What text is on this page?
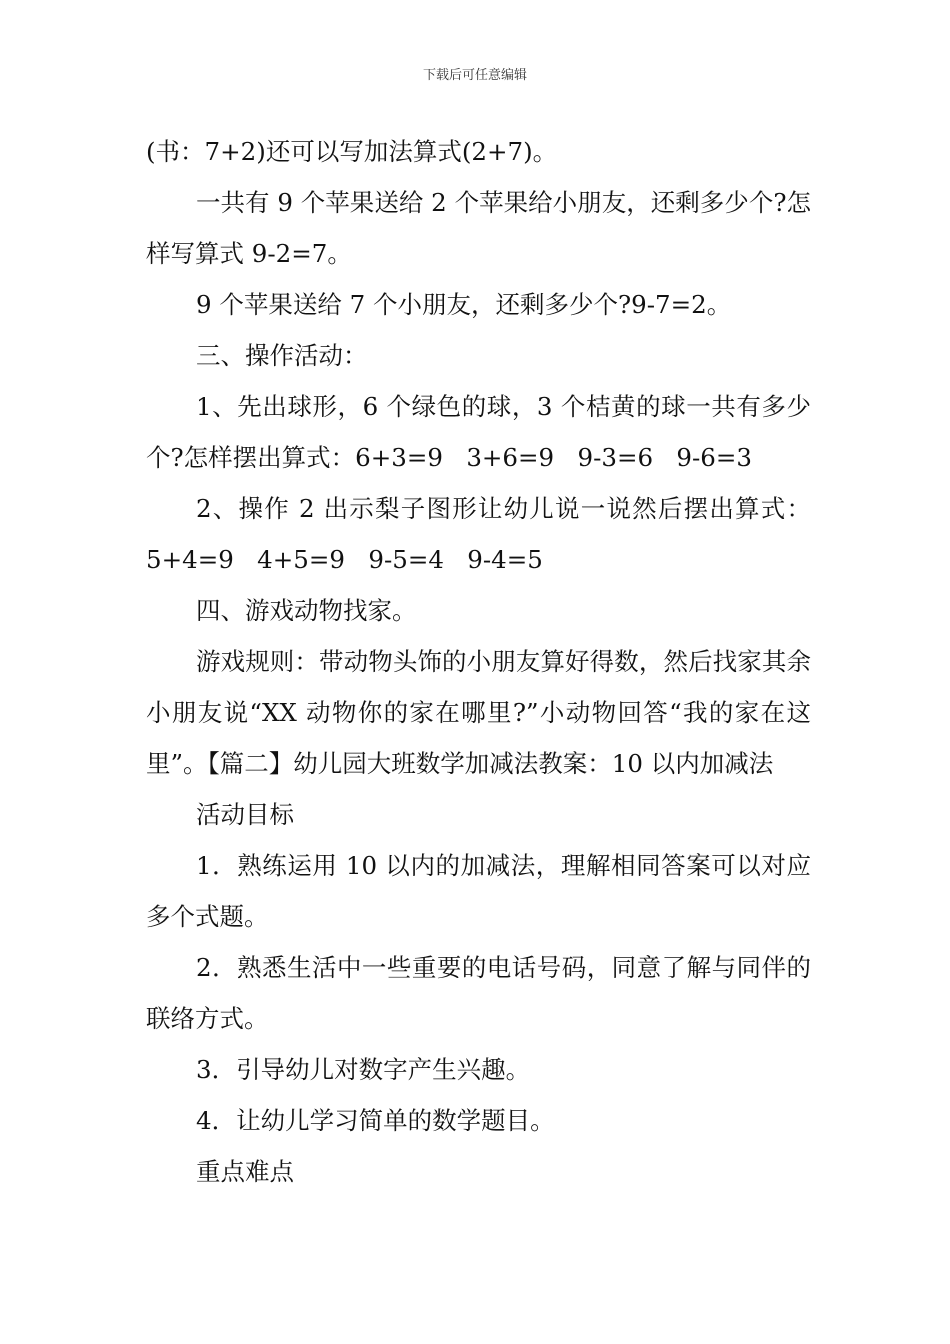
下载后可任意编辑

(书：7+2)还可以写加法算式(2+7)。

一共有 9 个苹果送给 2 个苹果给小朋友，还剩多少个?怎样写算式 9-2=7。

9 个苹果送给 7 个小朋友，还剩多少个?9-7=2。

三、操作活动：

1、先出球形，6 个绿色的球，3 个桔黄的球一共有多少个?怎样摆出算式：6+3=9   3+6=9   9-3=6   9-6=3

2、操作 2 出示梨子图形让幼儿说一说然后摆出算式：5+4=9   4+5=9   9-5=4   9-4=5

四、游戏动物找家。

游戏规则：带动物头饰的小朋友算好得数，然后找家其余小朋友说“XX 动物你的家在哪里?”小动物回答“我的家在这里”。【篇二】幼儿园大班数学加减法教案：10 以内加减法

活动目标

1．熟练运用 10 以内的加减法，理解相同答案可以对应多个式题。

2．熟悉生活中一些重要的电话号码，同意了解与同伴的联络方式。

3．引导幼儿对数字产生兴趣。

4．让幼儿学习简单的数学题目。

重点难点
